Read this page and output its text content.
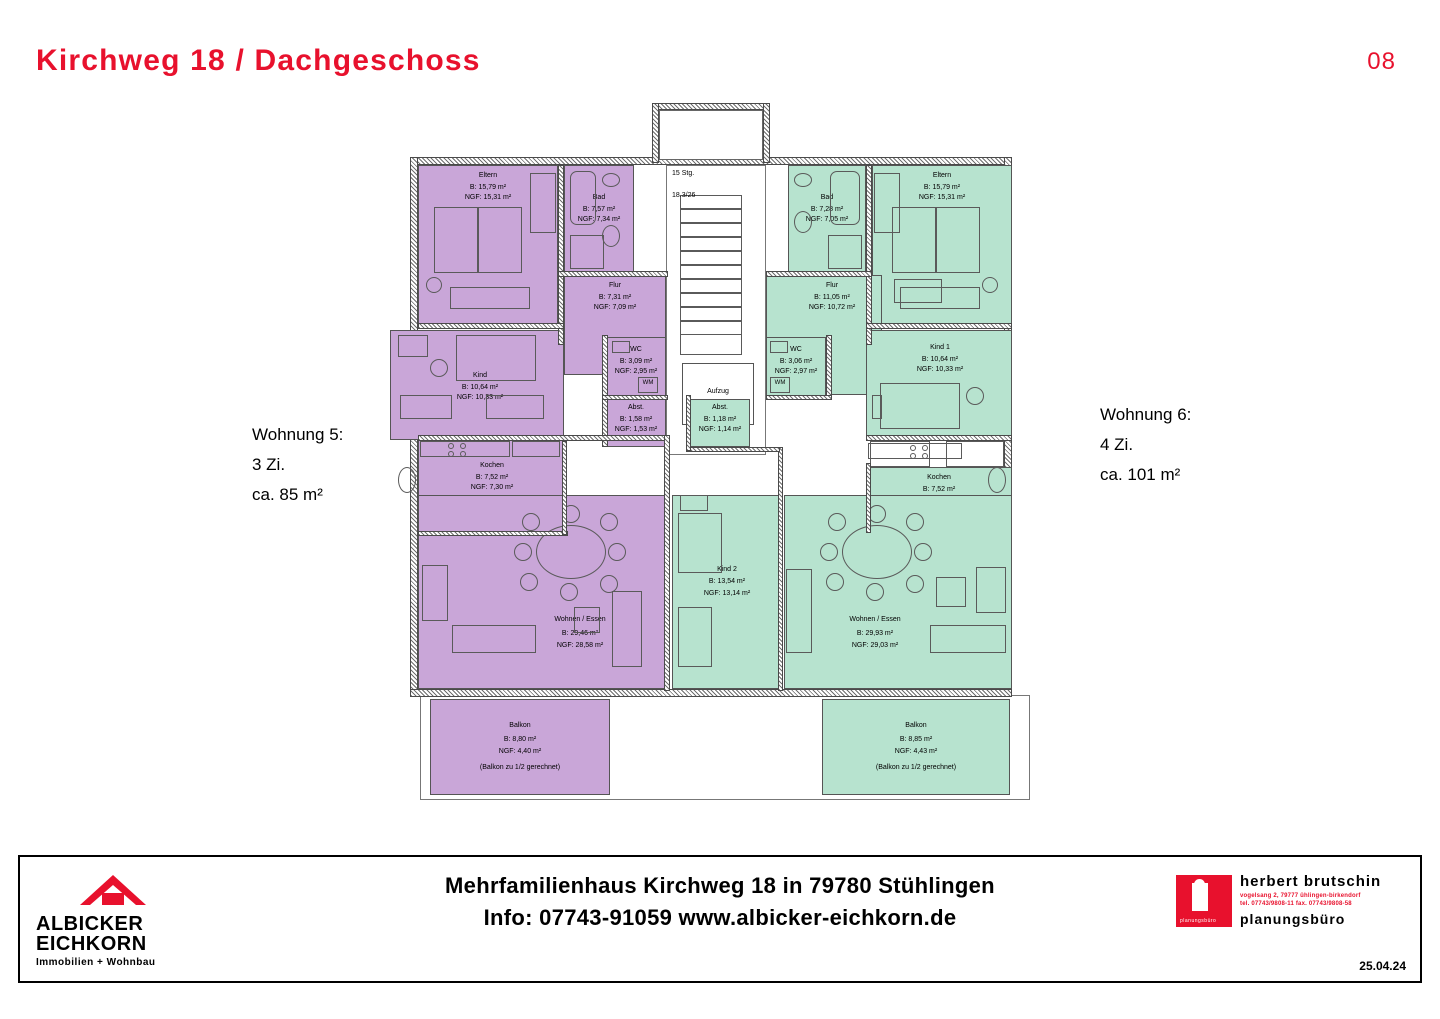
Kirchweg 18 / Dachgeschoss	08
Wohnung 5:
3 Zi.
ca. 85 m²
Wohnung 6:
4 Zi.
ca. 101 m²
15 Stg.
18.3/26
Aufzug
Eltern
B: 15,79 m²
NGF: 15,31 m²	Bad
B: 7,57 m²
NGF: 7,34 m²
Flur
B: 7,31 m²
NGF: 7,09 m²
WC
B: 3,09 m²
NGF: 2,95 m²
WM
Abst.
B: 1,58 m²
NGF: 1,53 m²
Kind
B: 10,64 m²
NGF: 10,33 m²
Kochen
B: 7,52 m²
NGF: 7,30 m²
Wohnen / Essen
B: 29,46 m²
NGF: 28,58 m²
Balkon
B: 8,80 m²
NGF: 4,40 m²
(Balkon zu 1/2 gerechnet)
Eltern
B: 15,79 m²
NGF: 15,31 m²
Bad
B: 7,28 m²
NGF: 7,05 m²
Flur
B: 11,05 m²
NGF: 10,72 m²
WC
B: 3,06 m²
NGF: 2,97 m²
WM
Abst.
B: 1,18 m²
NGF: 1,14 m²
Kind 1
B: 10,64 m²
NGF: 10,33 m²
Kochen
B: 7,52 m²
Kind 2
B: 13,54 m²
NGF: 13,14 m²
Wohnen / Essen
B: 29,93 m²
NGF: 29,03 m²
Balkon
B: 8,85 m²
NGF: 4,43 m²
(Balkon zu 1/2 gerechnet)
ALBICKER
EICHKORN
Immobilien + Wohnbau
Mehrfamilienhaus Kirchweg 18 in 79780 Stühlingen
Info: 07743-91059 www.albicker-eichkorn.de	planungsbüro
herbert brutschin
vogelsang 2, 79777 ühlingen-birkendorf
tel. 07743/9808-11 fax. 07743/9808-58
planungsbüro
25.04.24
